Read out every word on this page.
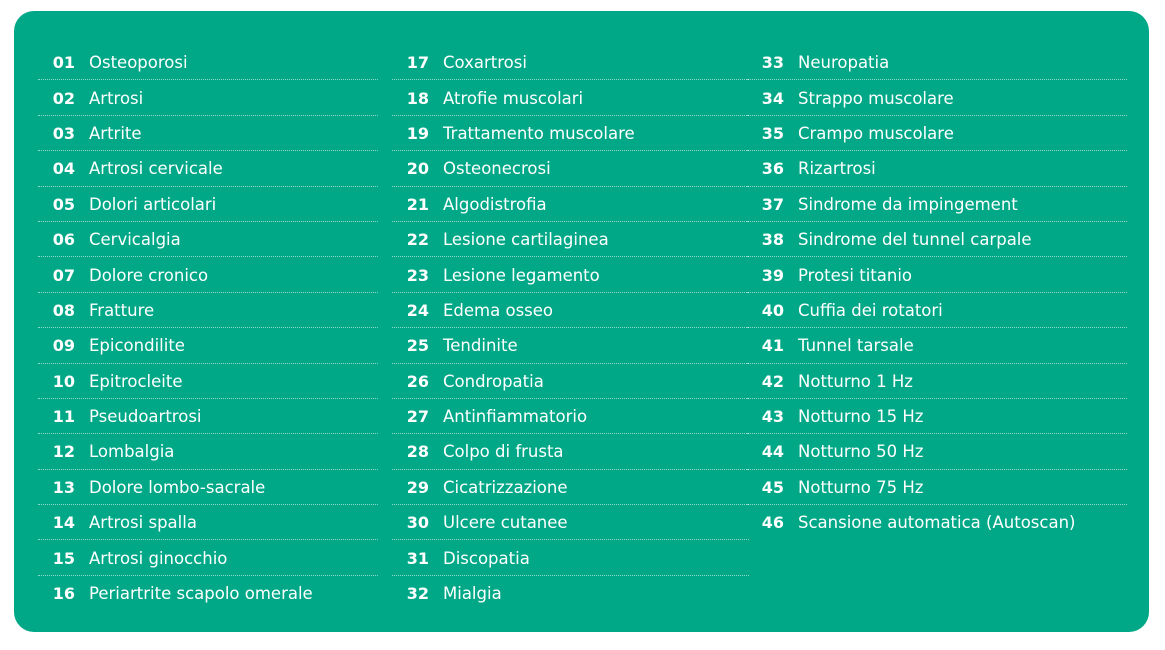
01 Osteoporosi
02 Artrosi
03 Artrite
04 Artrosi cervicale
05 Dolori articolari
06 Cervicalgia
07 Dolore cronico
08 Fratture
09 Epicondilite
10 Epitrocleite
11 Pseudoartrosi
12 Lombalgia
13 Dolore lombo-sacrale
14 Artrosi spalla
15 Artrosi ginocchio
16 Periartrite scapolo omerale
17 Coxartrosi
18 Atrofie muscolari
19 Trattamento muscolare
20 Osteonecrosi
21 Algodistrofia
22 Lesione cartilaginea
23 Lesione legamento
24 Edema osseo
25 Tendinite
26 Condropatia
27 Antinfiammatorio
28 Colpo di frusta
29 Cicatrizzazione
30 Ulcere cutanee
31 Discopatia
32 Mialgia
33 Neuropatia
34 Strappo muscolare
35 Crampo muscolare
36 Rizartrosi
37 Sindrome da impingement
38 Sindrome del tunnel carpale
39 Protesi titanio
40 Cuffia dei rotatori
41 Tunnel tarsale
42 Notturno 1 Hz
43 Notturno 15 Hz
44 Notturno 50 Hz
45 Notturno 75 Hz
46 Scansione automatica (Autoscan)
